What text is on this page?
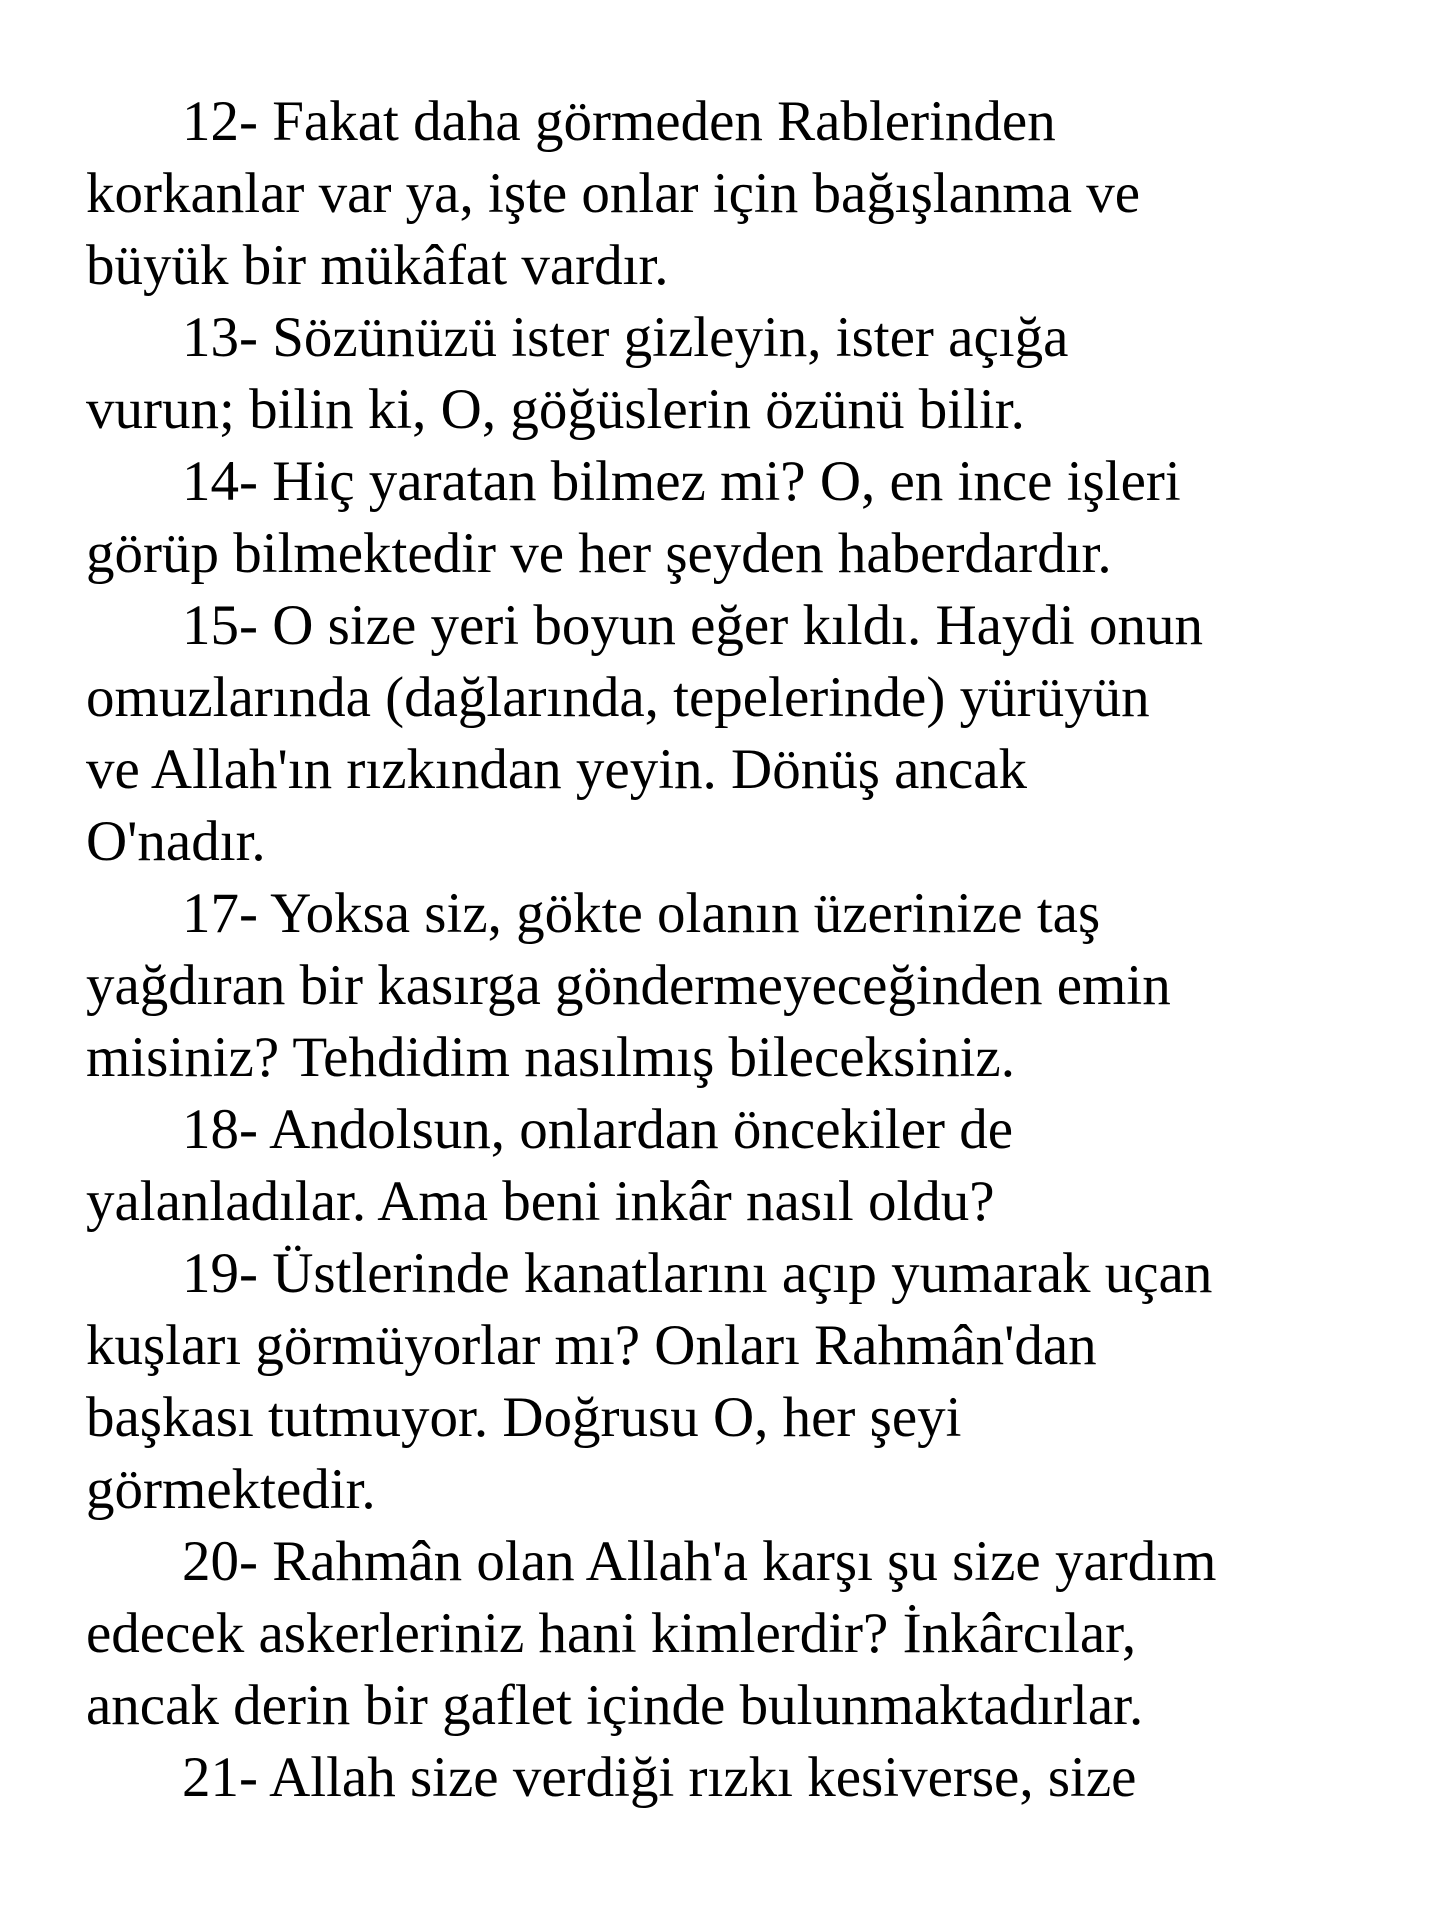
12- Fakat daha görmeden Rablerinden
korkanlar var ya, işte onlar için bağışlanma ve
büyük bir mükâfat vardır.
13- Sözünüzü ister gizleyin, ister açığa
vurun; bilin ki, O, göğüslerin özünü bilir.
14- Hiç yaratan bilmez mi? O, en ince işleri
görüp bilmektedir ve her şeyden haberdardır.
15- O size yeri boyun eğer kıldı. Haydi onun
omuzlarında (dağlarında, tepelerinde) yürüyün
ve Allah'ın rızkından yeyin. Dönüş ancak
O'nadır.
17- Yoksa siz, gökte olanın üzerinize taş
yağdıran bir kasırga göndermeyeceğinden emin
misiniz? Tehdidim nasılmış bileceksiniz.
18- Andolsun, onlardan öncekiler de
yalanladılar. Ama beni inkâr nasıl oldu?
19- Üstlerinde kanatlarını açıp yumarak uçan
kuşları görmüyorlar mı? Onları Rahmân'dan
başkası tutmuyor. Doğrusu O, her şeyi
görmektedir.
20- Rahmân olan Allah'a karşı şu size yardım
edecek askerleriniz hani kimlerdir? İnkârcılar,
ancak derin bir gaflet içinde bulunmaktadırlar.
21- Allah size verdiği rızkı kesiverse, size
